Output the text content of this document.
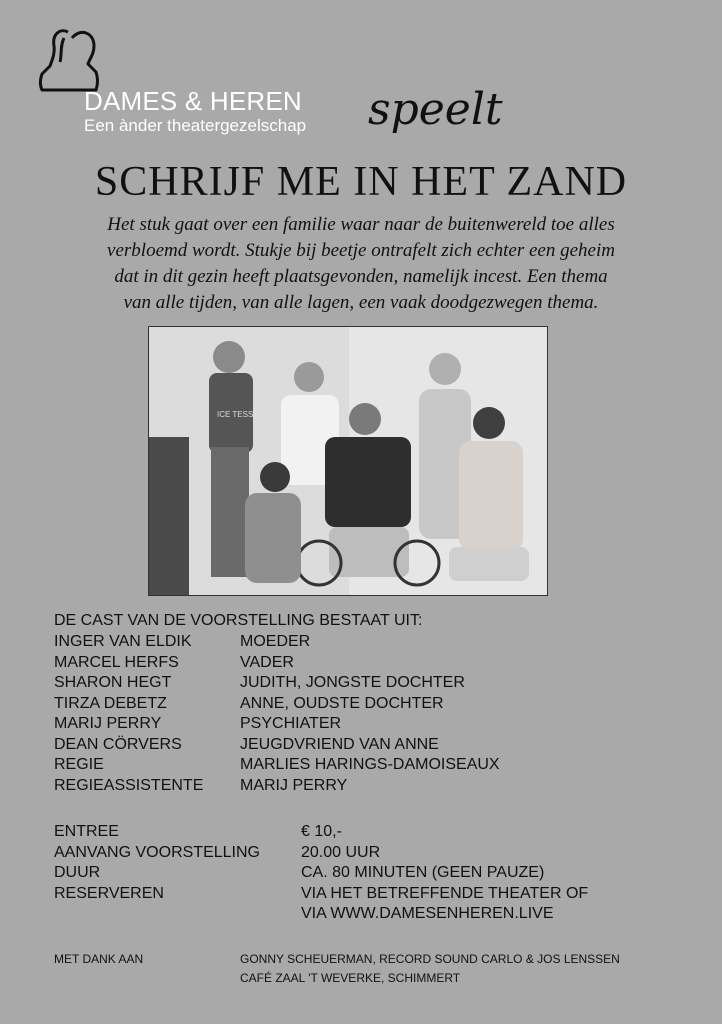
DAMES & HEREN
Een ànder theatergezelschap speelt
SCHRIJF ME IN HET ZAND
Het stuk gaat over een familie waar naar de buitenwereld toe alles
verbloemd wordt. Stukje bij beetje ontrafelt zich echter een geheim
dat in dit gezin heeft plaatsgevonden, namelijk incest. Een thema
van alle tijden, van alle lagen, een vaak doodgezwegen thema.
ICE TESS
DE CAST VAN DE VOORSTELLING BESTAAT UIT:
INGER VAN ELDIK	MOEDER
MARCEL HERFS	VADER
SHARON HEGT	JUDITH, JONGSTE DOCHTER
TIRZA DEBETZ	ANNE, OUDSTE DOCHTER
MARIJ PERRY	PSYCHIATER
DEAN CÖRVERS	JEUGDVRIEND VAN ANNE
REGIE	MARLIES HARINGS-DAMOISEAUX
REGIEASSISTENTE MARIJ PERRY
ENTREE	€ 10,-
AANVANG VOORSTELLING	20.00 UUR
DUUR	CA. 80 MINUTEN (GEEN PAUZE)
RESERVEREN	VIA HET BETREFFENDE THEATER OF
VIA WWW.DAMESENHEREN.LIVE
MET DANK AAN	GONNY SCHEUERMAN, RECORD SOUND CARLO & JOS LENSSEN
CAFÉ ZAAL 'T WEVERKE, SCHIMMERT
